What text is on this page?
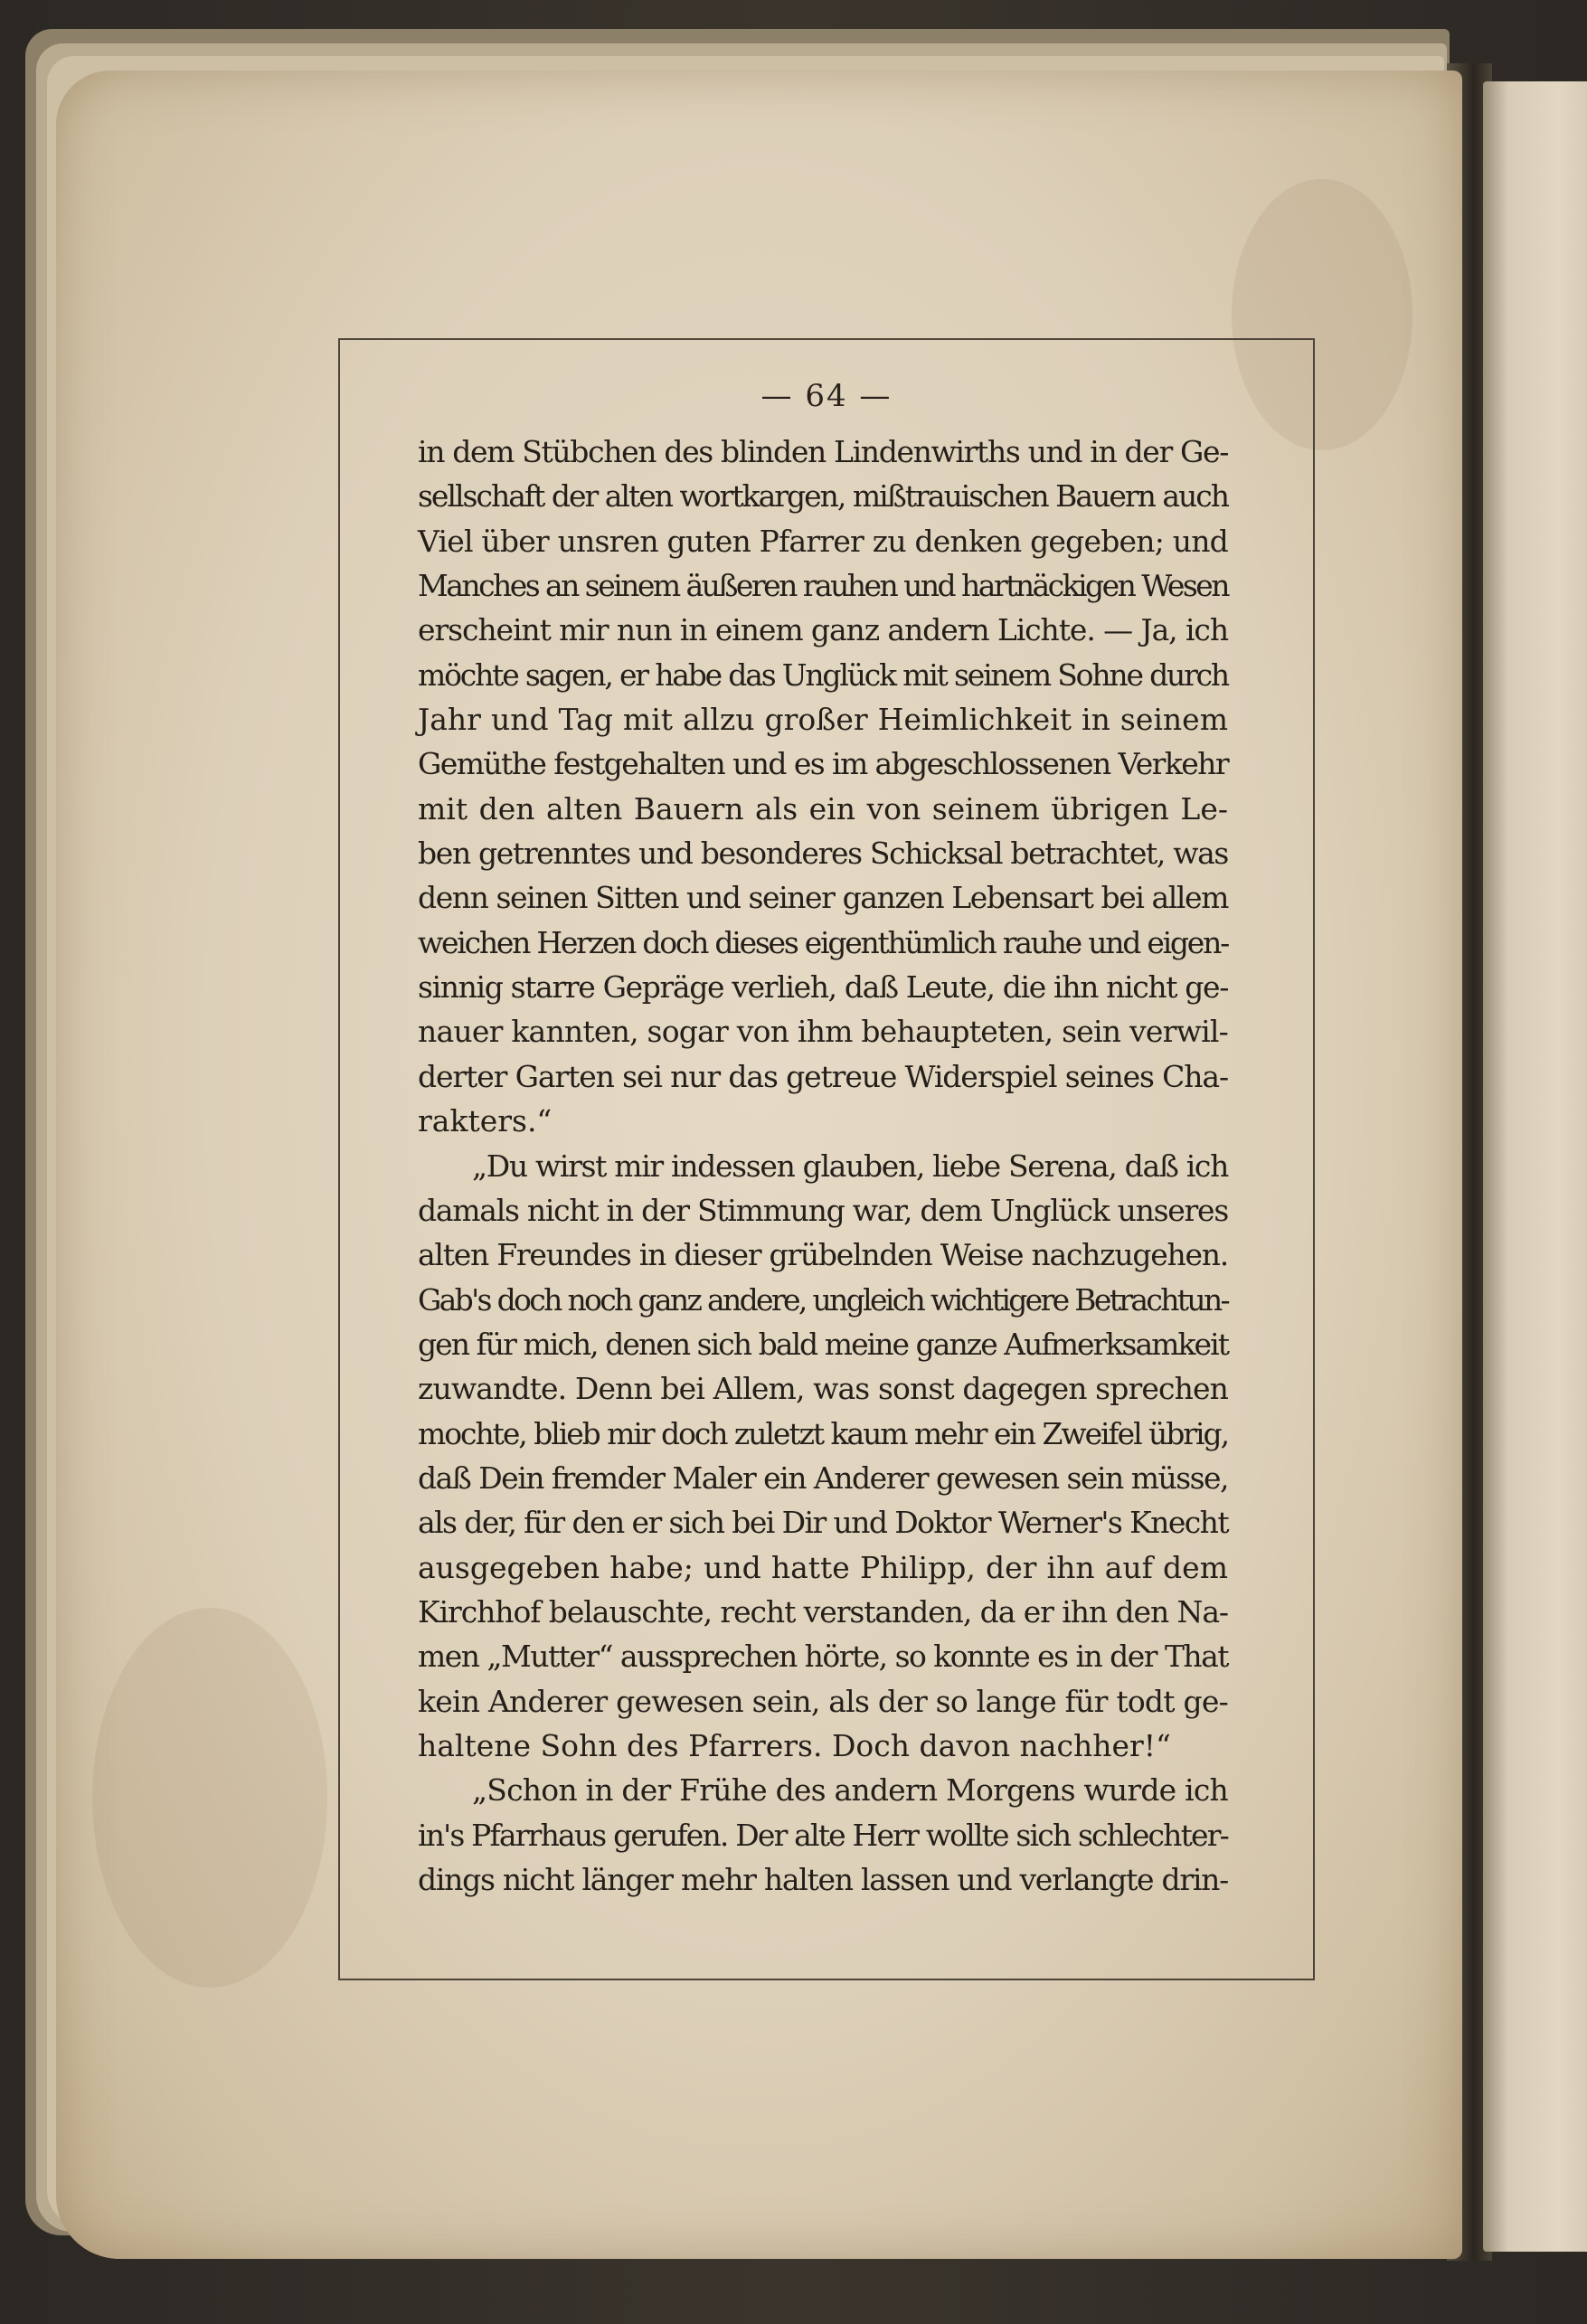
— 64 —
in dem Stübchen des blinden Lindenwirths und in der Ge-
sellschaft der alten wortkargen, mißtrauischen Bauern auch
Viel über unsren guten Pfarrer zu denken gegeben; und
Manches an seinem äußeren rauhen und hartnäckigen Wesen
erscheint mir nun in einem ganz andern Lichte. — Ja, ich
möchte sagen, er habe das Unglück mit seinem Sohne durch
Jahr und Tag mit allzu großer Heimlichkeit in seinem
Gemüthe festgehalten und es im abgeschlossenen Verkehr
mit den alten Bauern als ein von seinem übrigen Le-
ben getrenntes und besonderes Schicksal betrachtet, was
denn seinen Sitten und seiner ganzen Lebensart bei allem
weichen Herzen doch dieses eigenthümlich rauhe und eigen-
sinnig starre Gepräge verlieh, daß Leute, die ihn nicht ge-
nauer kannten, sogar von ihm behaupteten, sein verwil-
derter Garten sei nur das getreue Widerspiel seines Cha-
rakters.“
„Du wirst mir indessen glauben, liebe Serena, daß ich
damals nicht in der Stimmung war, dem Unglück unseres
alten Freundes in dieser grübelnden Weise nachzugehen.
Gab's doch noch ganz andere, ungleich wichtigere Betrachtun-
gen für mich, denen sich bald meine ganze Aufmerksamkeit
zuwandte. Denn bei Allem, was sonst dagegen sprechen
mochte, blieb mir doch zuletzt kaum mehr ein Zweifel übrig,
daß Dein fremder Maler ein Anderer gewesen sein müsse,
als der, für den er sich bei Dir und Doktor Werner's Knecht
ausgegeben habe; und hatte Philipp, der ihn auf dem
Kirchhof belauschte, recht verstanden, da er ihn den Na-
men „Mutter“ aussprechen hörte, so konnte es in der That
kein Anderer gewesen sein, als der so lange für todt ge-
haltene Sohn des Pfarrers. Doch davon nachher!“
„Schon in der Frühe des andern Morgens wurde ich
in's Pfarrhaus gerufen. Der alte Herr wollte sich schlechter-
dings nicht länger mehr halten lassen und verlangte drin-
